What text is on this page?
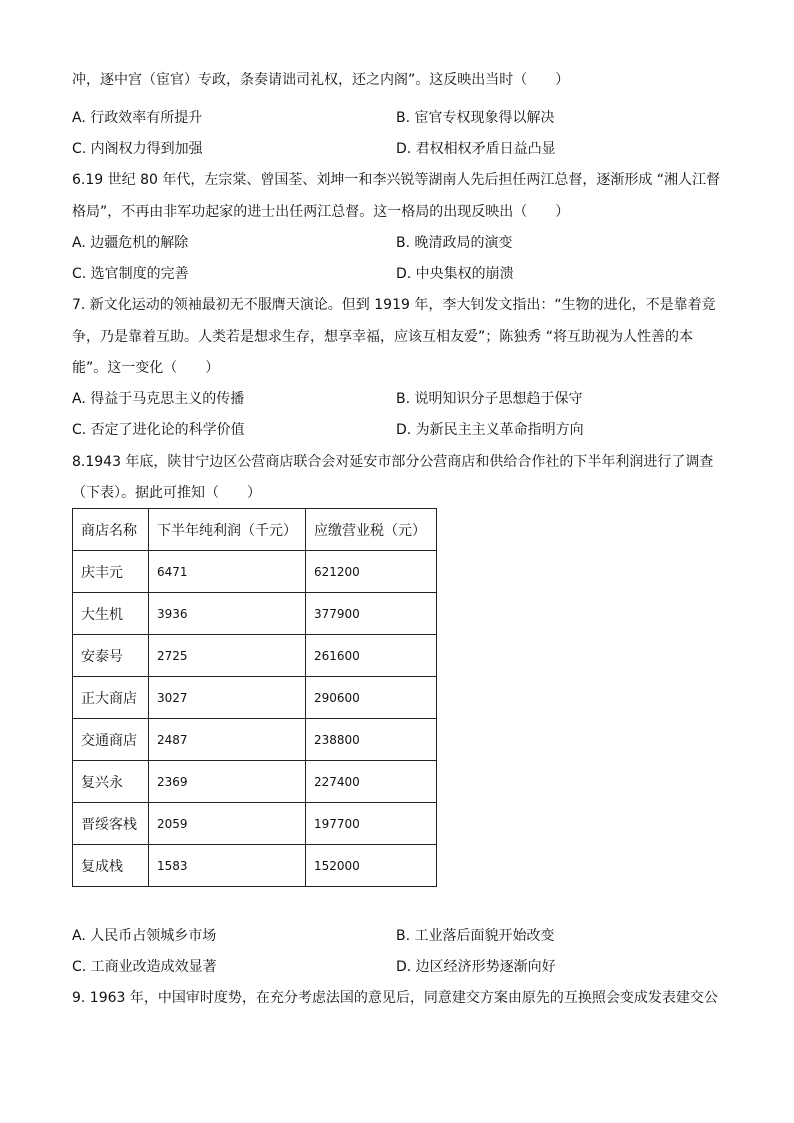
冲，逐中宫（宦官）专政，条奏请诎司礼权，还之内阁”。这反映出当时（　　）
A. 行政效率有所提升	B. 宦官专权现象得以解决
C. 内阁权力得到加强	D. 君权相权矛盾日益凸显
6.19 世纪 80 年代，左宗棠、曾国荃、刘坤一和李兴锐等湖南人先后担任两江总督，逐渐形成 “湘人江督
格局”，不再由非军功起家的进士出任两江总督。这一格局的出现反映出（　　）
A. 边疆危机的解除	B. 晚清政局的演变
C. 选官制度的完善	D. 中央集权的崩溃
7. 新文化运动的领袖最初无不服膺天演论。但到 1919 年，李大钊发文指出：“生物的进化，不是靠着竞
争，乃是靠着互助。人类若是想求生存，想享幸福，应该互相友爱”；陈独秀 “将互助视为人性善的本
能”。这一变化（　　）
A. 得益于马克思主义的传播	B. 说明知识分子思想趋于保守
C. 否定了进化论的科学价值	D. 为新民主主义革命指明方向
8.1943 年底，陕甘宁边区公营商店联合会对延安市部分公营商店和供给合作社的下半年利润进行了调查
（下表）。据此可推知（　　）
商店名称	下半年纯利润（千元）	应缴营业税（元）
庆丰元	6471	621200
大生机	3936	377900
安泰号	2725	261600
正大商店	3027	290600
交通商店	2487	238800
复兴永	2369	227400
晋绥客栈	2059	197700
复成栈	1583	152000
A. 人民币占领城乡市场	B. 工业落后面貌开始改变
C. 工商业改造成效显著	D. 边区经济形势逐渐向好
9. 1963 年，中国审时度势，在充分考虑法国的意见后，同意建交方案由原先的互换照会变成发表建交公
